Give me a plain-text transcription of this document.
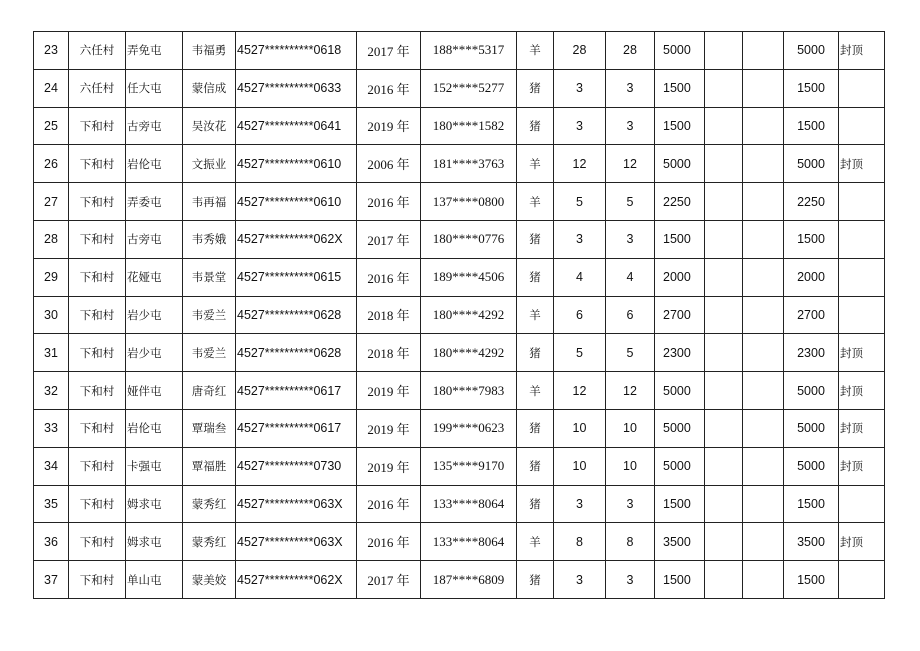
23	六任村	弄免屯	韦福勇	4527**********0618	2017 年	188****5317	羊	28	28	5000			5000	封顶
24	六任村	任大屯	蒙信成	4527**********0633	2016 年	152****5277	猪	3	3	1500			1500	
25	下和村	古旁屯	吴汝花	4527**********0641	2019 年	180****1582	猪	3	3	1500			1500	
26	下和村	岩伦屯	文振业	4527**********0610	2006 年	181****3763	羊	12	12	5000			5000	封顶
27	下和村	弄委屯	韦再福	4527**********0610	2016 年	137****0800	羊	5	5	2250			2250	
28	下和村	古旁屯	韦秀娥	4527**********062X	2017 年	180****0776	猪	3	3	1500			1500	
29	下和村	花娅屯	韦景堂	4527**********0615	2016 年	189****4506	猪	4	4	2000			2000	
30	下和村	岩少屯	韦爱兰	4527**********0628	2018 年	180****4292	羊	6	6	2700			2700	
31	下和村	岩少屯	韦爱兰	4527**********0628	2018 年	180****4292	猪	5	5	2300			2300	封顶
32	下和村	娅伴屯	唐奇红	4527**********0617	2019 年	180****7983	羊	12	12	5000			5000	封顶
33	下和村	岩伦屯	覃瑞叁	4527**********0617	2019 年	199****0623	猪	10	10	5000			5000	封顶
34	下和村	卡强屯	覃福胜	4527**********0730	2019 年	135****9170	猪	10	10	5000			5000	封顶
35	下和村	姆求屯	蒙秀红	4527**********063X	2016 年	133****8064	猪	3	3	1500			1500	
36	下和村	姆求屯	蒙秀红	4527**********063X	2016 年	133****8064	羊	8	8	3500			3500	封顶
37	下和村	单山屯	蒙美姣	4527**********062X	2017 年	187****6809	猪	3	3	1500			1500	
